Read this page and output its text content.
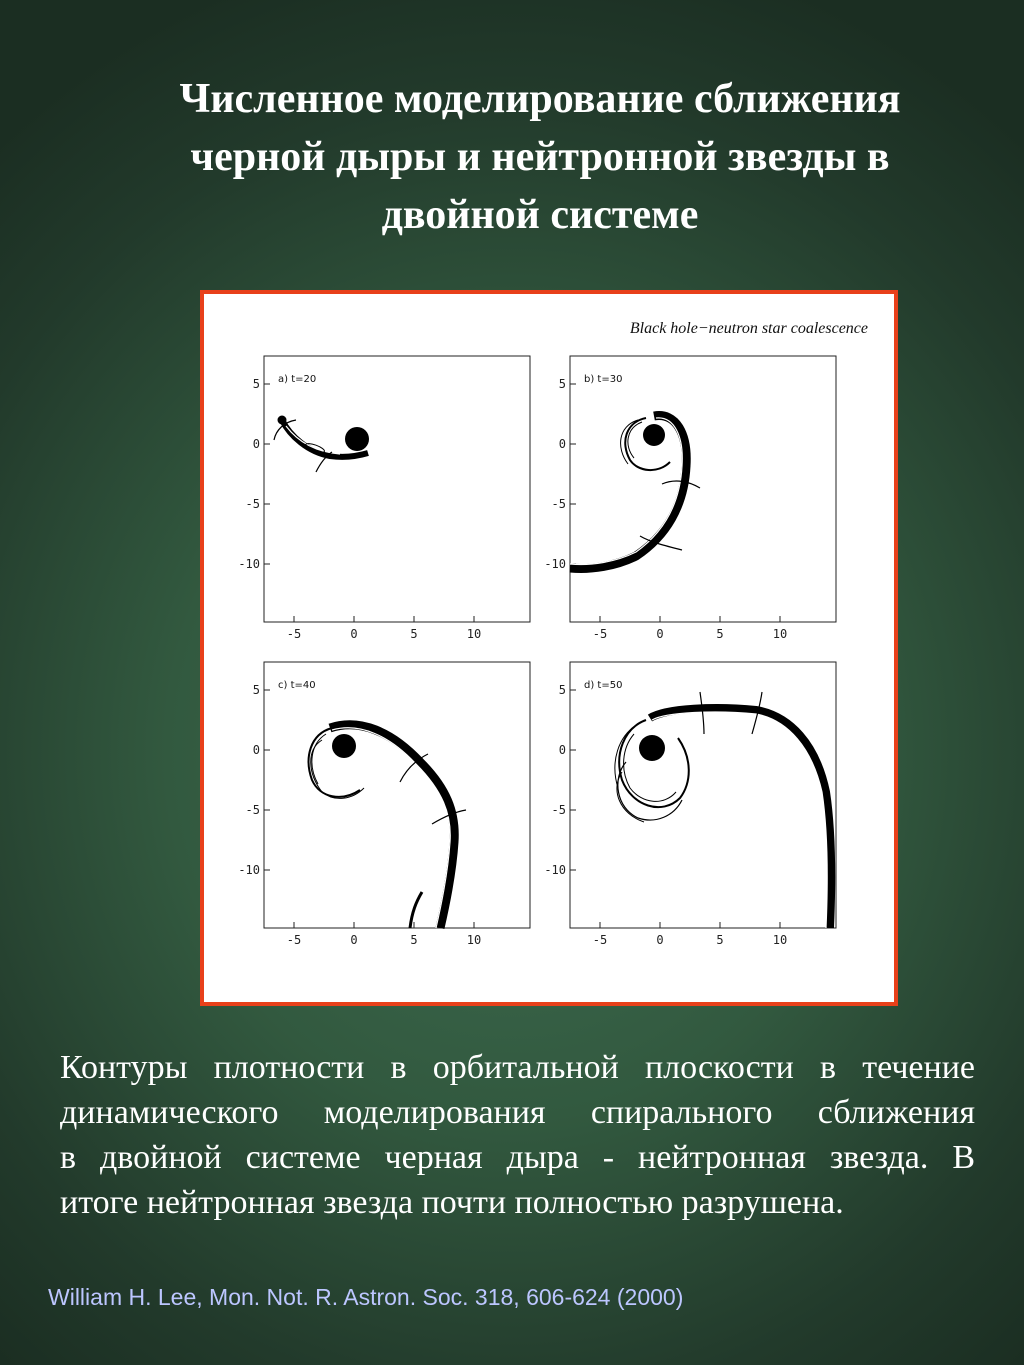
Численное моделирование сближения
черной дыры и нейтронной звезды в
двойной системе
Black hole−neutron star coalescence
a) t=20
-5	0	5	10
5
0
-5
-10
b) t=30
-5	0	5	10
5
0
-5
-10
c) t=40
-5	0	5	10
5
0
-5
-10
d) t=50
-5	0	5	10
5
0
-5
-10
Контуры плотности в орбитальной плоскости в течение
динамического моделирования спирального сближения
в двойной системе черная дыра - нейтронная звезда. В
итоге нейтронная звезда почти полностью разрушена.
William H. Lee, Mon. Not. R. Astron. Soc. 318, 606-624 (2000)
